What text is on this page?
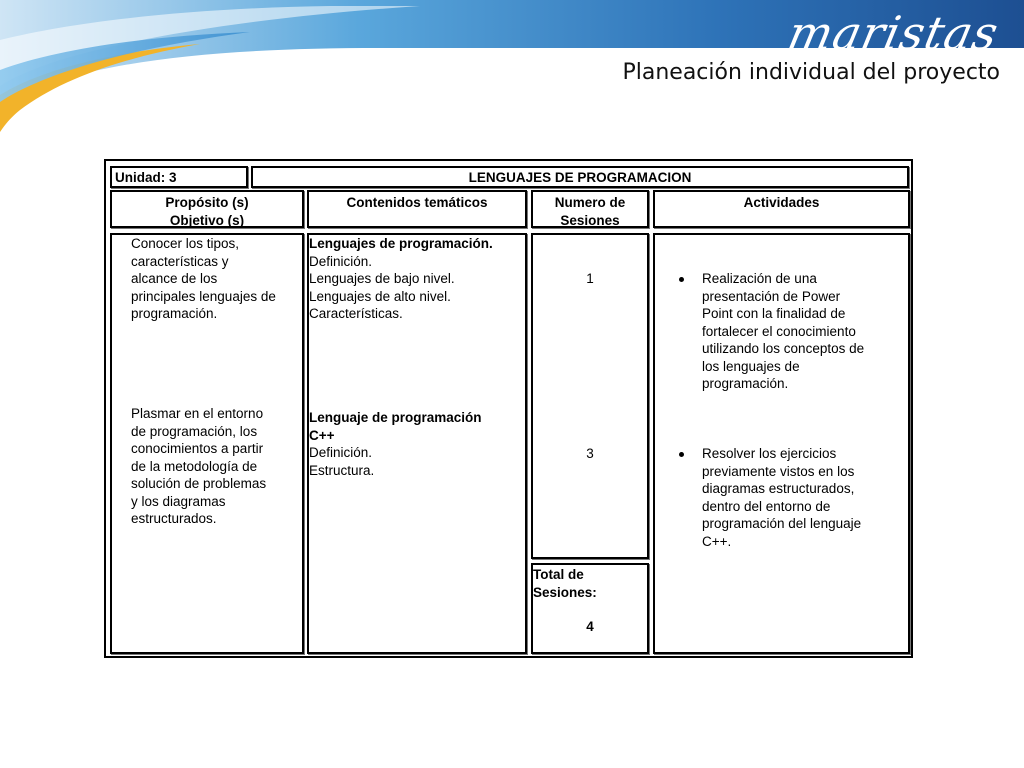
maristas
Planeación individual del proyecto
Unidad: 3	LENGUAJES DE PROGRAMACION
Propósito (s)
Objetivo (s)
Contenidos temáticos	Numero de
Sesiones
Actividades
Conocer los tipos,
características y
alcance de los
principales lenguajes de
programación.
Plasmar en el entorno
de programación, los
conocimientos a partir
de la metodología de
solución de problemas
y los diagramas
estructurados.
Lenguajes de programación.
Definición.
Lenguajes de bajo nivel.
Lenguajes de alto nivel.
Características.
Lenguaje de programación
C++
Definición.
Estructura.
1
3
Total de
Sesiones:
4
Realización de una
presentación de Power
Point con la finalidad de
fortalecer el conocimiento
utilizando los conceptos de
los lenguajes de
programación.
Resolver los ejercicios
previamente vistos en los
diagramas estructurados,
dentro del entorno de
programación del lenguaje
C++.
